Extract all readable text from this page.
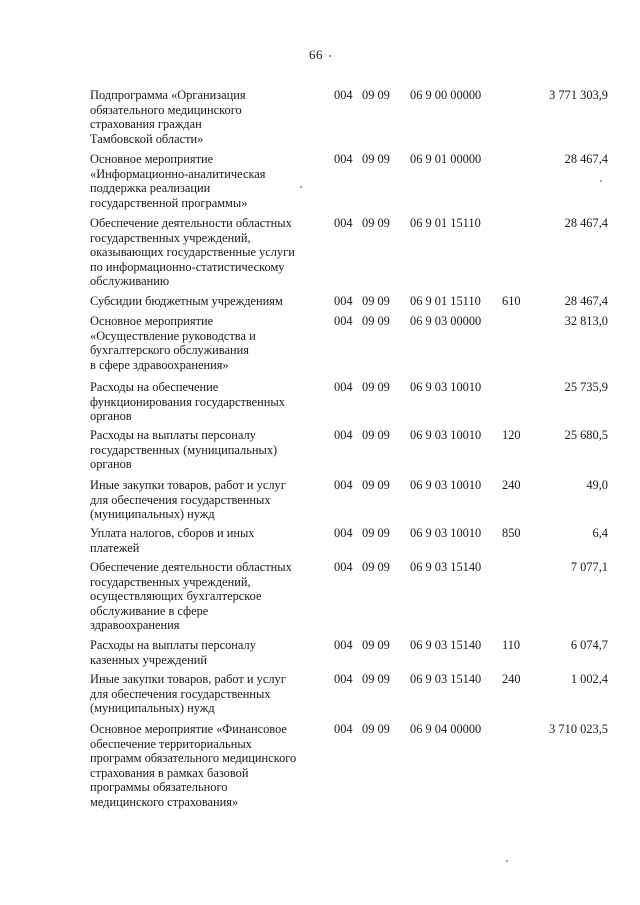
66
Подпрограмма «Организация
обязательного медицинского
страхования граждан
Тамбовской области»
004 09 09 06 9 00 00000	3 771 303,9
Основное мероприятие
«Информационно-аналитическая
поддержка реализации
государственной программы»
004 09 09 06 9 01 00000	28 467,4
Обеспечение деятельности областных
государственных учреждений,
оказывающих государственные услуги
по информационно-статистическому
обслуживанию
004 09 09 06 9 01 15110	28 467,4
Субсидии бюджетным учреждениям	004 09 09 06 9 01 15110 610	28 467,4
Основное мероприятие
«Осуществление руководства и
бухгалтерского обслуживания
в сфере здравоохранения»
004 09 09 06 9 03 00000	32 813,0
Расходы на обеспечение
функционирования государственных
органов
004 09 09 06 9 03 10010	25 735,9
Расходы на выплаты персоналу
государственных (муниципальных)
органов
004 09 09 06 9 03 10010 120	25 680,5
Иные закупки товаров, работ и услуг
для обеспечения государственных
(муниципальных) нужд
004 09 09 06 9 03 10010 240	49,0
Уплата налогов, сборов и иных
платежей
004 09 09 06 9 03 10010 850	6,4
Обеспечение деятельности областных
государственных учреждений,
осуществляющих бухгалтерское
обслуживание в сфере
здравоохранения
004 09 09 06 9 03 15140	7 077,1
Расходы на выплаты персоналу
казенных учреждений
004 09 09 06 9 03 15140 110	6 074,7
Иные закупки товаров, работ и услуг
для обеспечения государственных
(муниципальных) нужд
004 09 09 06 9 03 15140 240	1 002,4
Основное мероприятие «Финансовое
обеспечение территориальных
программ обязательного медицинского
страхования в рамках базовой
программы обязательного
медицинского страхования»
004 09 09 06 9 04 00000	3 710 023,5
